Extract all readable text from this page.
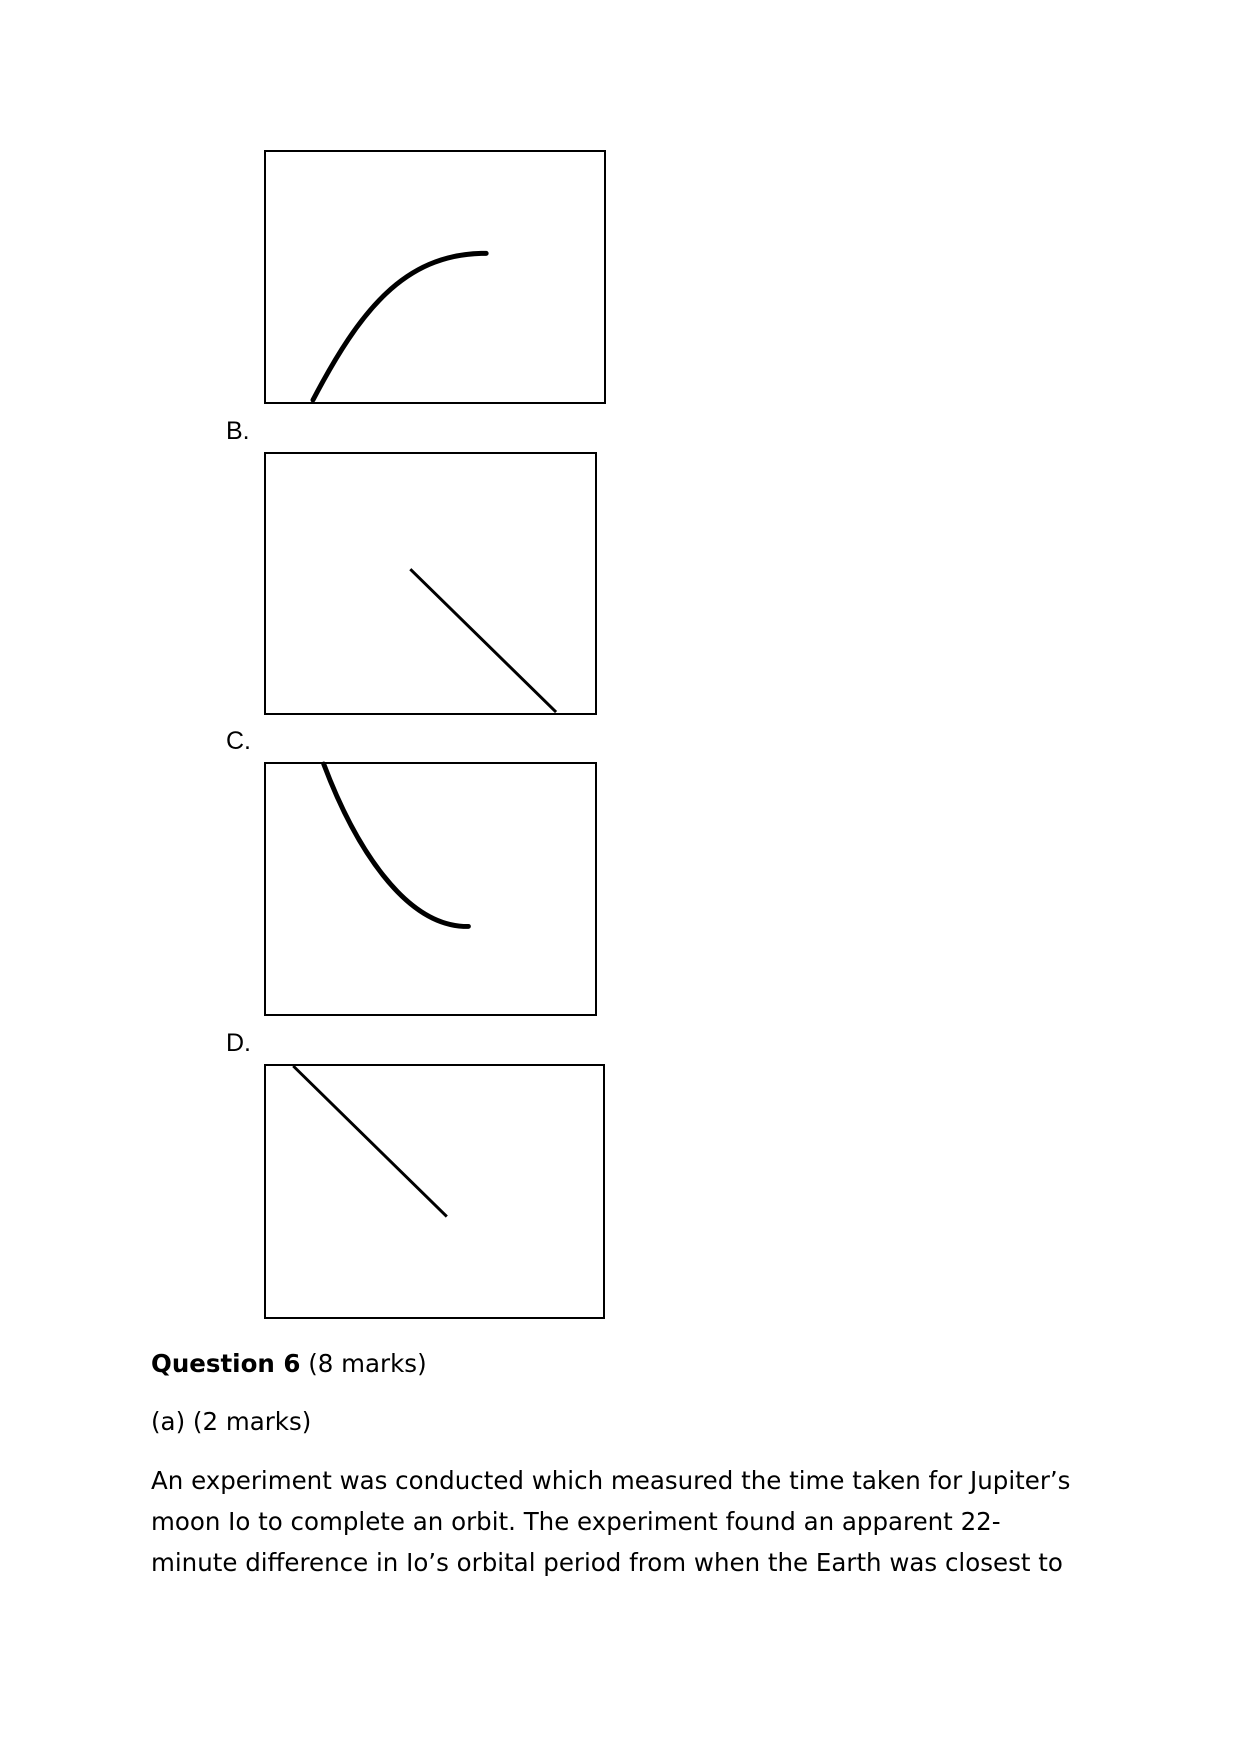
B.
C.
D.
Question 6 (8 marks)
(a) (2 marks)
An experiment was conducted which measured the time taken for Jupiter’s
moon Io to complete an orbit. The experiment found an apparent 22-
minute difference in Io’s orbital period from when the Earth was closest to
